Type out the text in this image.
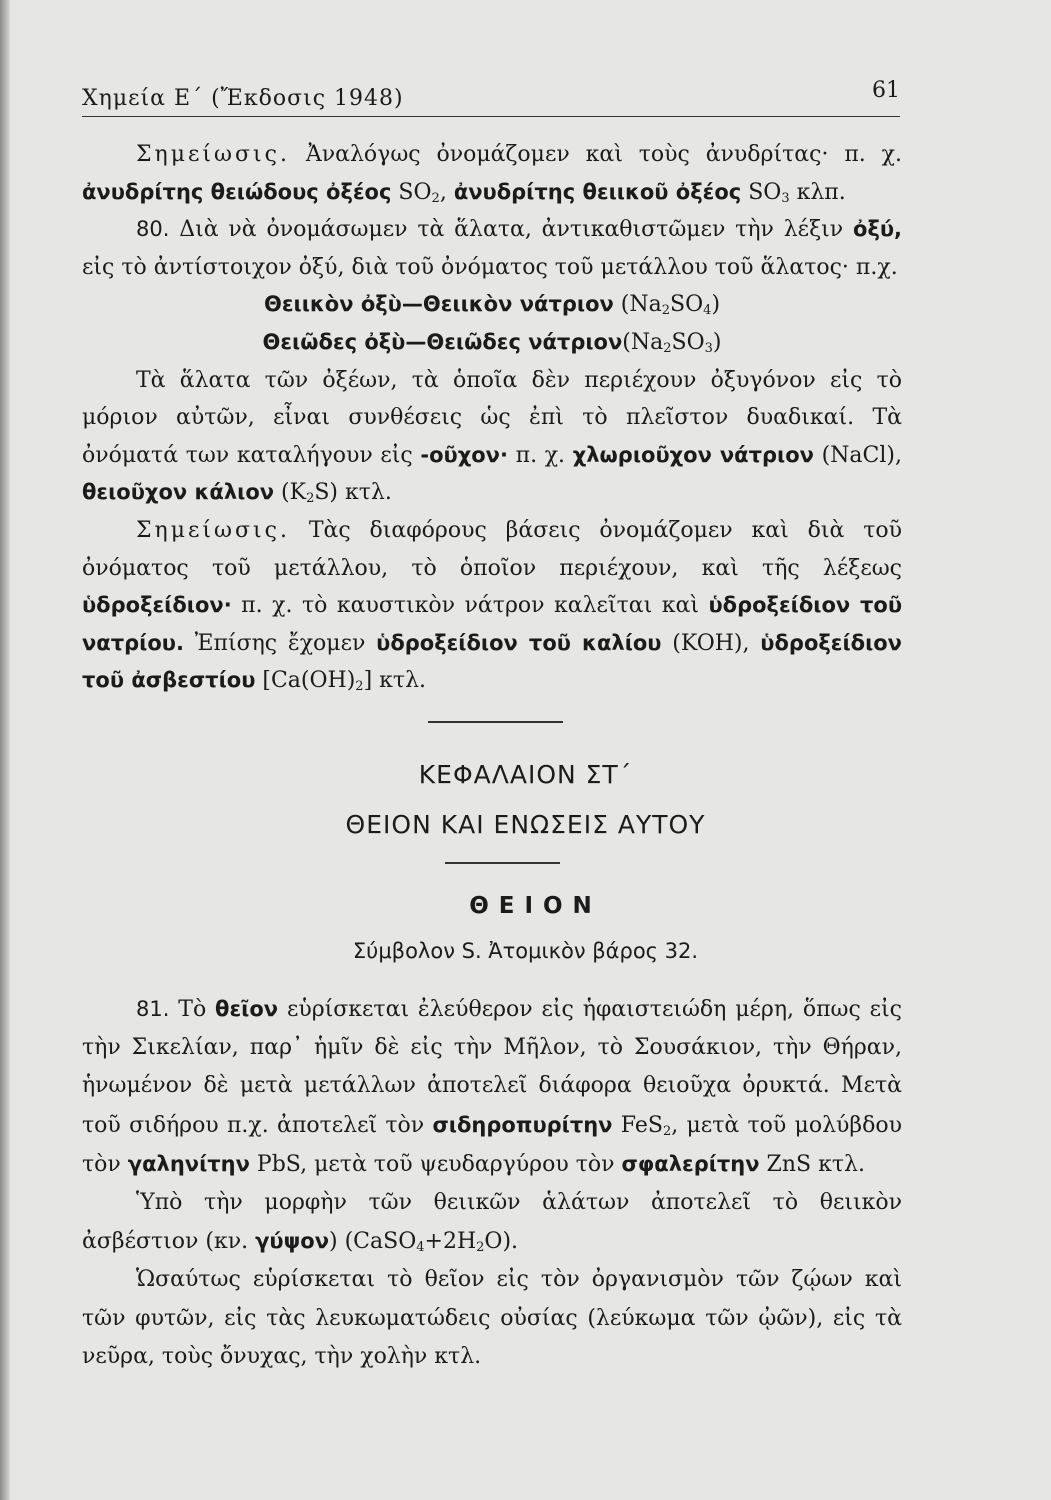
Χημεία Ε΄ (Ἔκδοσις 1948)	61

Σημείωσις. Ἀναλόγως ὀνομάζομεν καὶ τοὺς ἀνυδρίτας· π. χ. ἀνυδρίτης θειώδους ὀξέος $SO_2$, ἀνυδρίτης θειικοῦ ὀξέος $SO_3$ κλπ.

80. Διὰ νὰ ὀνομάσωμεν τὰ ἅλατα, ἀντικαθιστῶμεν τὴν λέξιν ὀξύ, εἰς τὸ ἀντίστοιχον ὀξύ, διὰ τοῦ ὀνόματος τοῦ μετάλλου τοῦ ἅλατος· π.χ.

Θειικὸν ὀξὺ—Θειικὸν νάτριον $(Na_2SO_4)$

Θειῶδες ὀξὺ—Θειῶδες $\nu ά\tau\rho\iota o\nu(Na_2SO_3)$

Τὰ ἅλατα τῶν ὀξέων, τὰ ὁποῖα δὲν περιέχουν ὀξυγόνον εἰς τὸ μόριον αὐτῶν, εἶναι συνθέσεις ὡς ἐπὶ τὸ πλεῖστον δυαδικαί. Τὰ ὀνόματά των καταλήγουν εἰς -οῦχον· π. χ. χλωριοῦχον νάτριον (NaCl), θειοῦχον κάλιον $(K_2S)$ κτλ.

Σημείωσις. Τὰς διαφόρους βάσεις ὀνομάζομεν καὶ διὰ τοῦ ὀνόματος τοῦ μετάλλου, τὸ ὁποῖον περιέχουν, καὶ τῆς λέξεως ὑδροξείδιον· π. χ. τὸ καυστικὸν νάτρον καλεῖται καὶ ὑδροξείδιον τοῦ νατρίου. Ἐπίσης ἔχομεν ὑδροξείδιον τοῦ καλίου (KOH), ὑδροξείδιον τοῦ ἀσβεστίου $[Ca(OH)_2]$ κτλ.

ΚΕΦΑΛΑΙΟΝ ΣΤ΄
ΘΕΙΟΝ ΚΑΙ ΕΝΩΣΕΙΣ ΑΥΤΟΥ
ΘΕΙΟΝ
Σύμβολον S. Ἀτομικὸν βάρος 32.

81. Τὸ θεῖον εὑρίσκεται ἐλεύθερον εἰς ἡφαιστειώδη μέρη, ὅπως εἰς τὴν Σικελίαν, παρ᾽ ἡμῖν δὲ εἰς τὴν Μῆλον, τὸ Σουσάκιον, τὴν Θήραν, ἡνωμένον δὲ μετὰ μετάλλων ἀποτελεῖ διάφορα θειοῦχα ὀρυκτά. Μετὰ τοῦ σιδήρου π.χ. ἀποτελεῖ τὸν σιδηροπυρίτην FeS$_2$, μετὰ τοῦ μολύβδου τὸν γαληνίτην PbS, μετὰ τοῦ ψευδαργύρου τὸν σφαλερίτην ZnS κτλ.

Ὑπὸ τὴν μορφὴν τῶν θειικῶν ἁλάτων ἀποτελεῖ τὸ θειικὸν ἀσβέστιον (κν. γύψον) $(CaSO_4+2H_2O)$.

Ὡσαύτως εὑρίσκεται τὸ θεῖον εἰς τὸν ὀργανισμὸν τῶν ζῴων καὶ τῶν φυτῶν, εἰς τὰς λευκωματώδεις οὐσίας (λεύκωμα τῶν ᾠῶν), εἰς τὰ νεῦρα, τοὺς ὄνυχας, τὴν χολὴν κτλ.
